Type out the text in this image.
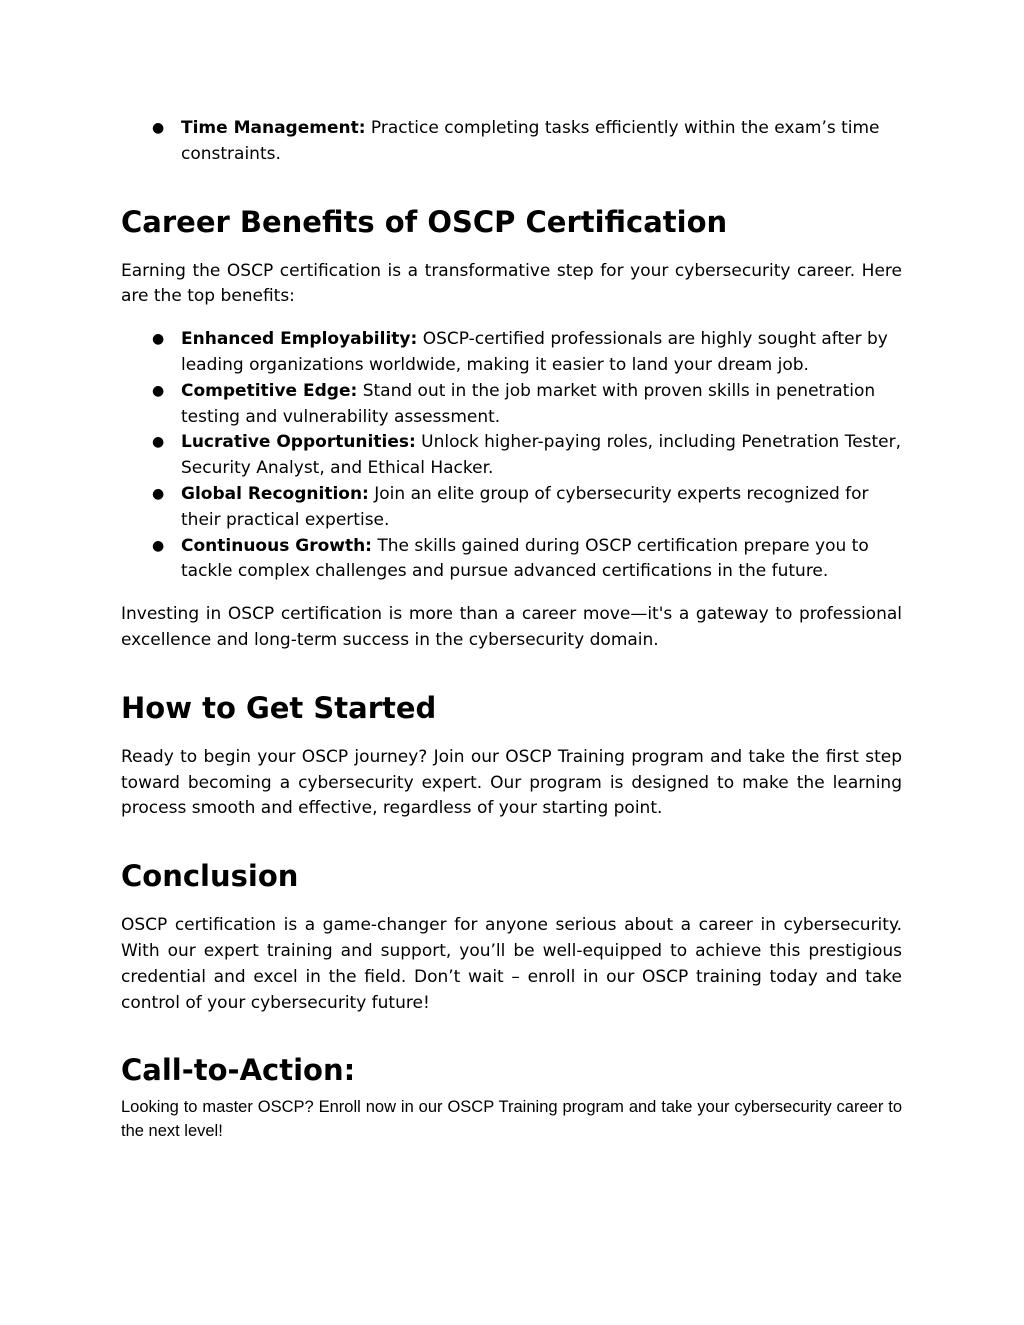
● Time Management: Practice completing tasks efficiently within the exam’s time constraints.
Career Benefits of OSCP Certification

Earning the OSCP certification is a transformative step for your cybersecurity career. Here are the top benefits:

● Enhanced Employability: OSCP-certified professionals are highly sought after by leading organizations worldwide, making it easier to land your dream job.
● Competitive Edge: Stand out in the job market with proven skills in penetration testing and vulnerability assessment.
● Lucrative Opportunities: Unlock higher-paying roles, including Penetration Tester, Security Analyst, and Ethical Hacker.
● Global Recognition: Join an elite group of cybersecurity experts recognized for their practical expertise.
● Continuous Growth: The skills gained during OSCP certification prepare you to tackle complex challenges and pursue advanced certifications in the future.

Investing in OSCP certification is more than a career move—it's a gateway to professional excellence and long-term success in the cybersecurity domain.

How to Get Started

Ready to begin your OSCP journey? Join our OSCP Training program and take the first step toward becoming a cybersecurity expert. Our program is designed to make the learning process smooth and effective, regardless of your starting point.

Conclusion

OSCP certification is a game-changer for anyone serious about a career in cybersecurity. With our expert training and support, you’ll be well-equipped to achieve this prestigious credential and excel in the field. Don’t wait – enroll in our OSCP training today and take control of your cybersecurity future!

Call-to-Action:

Looking to master OSCP? Enroll now in our OSCP Training program and take your cybersecurity career to the next level!
